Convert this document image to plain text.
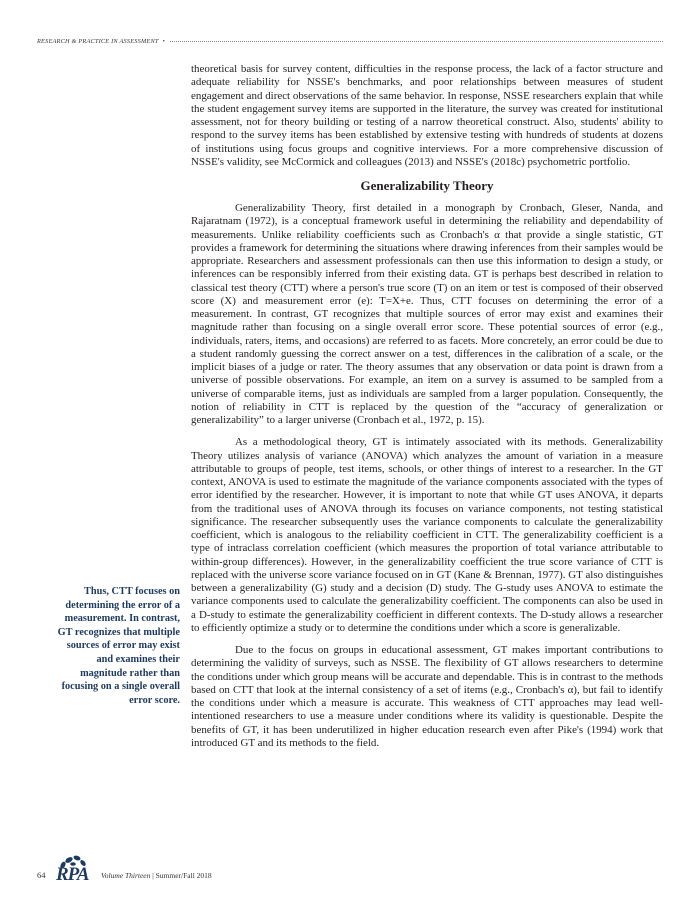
RESEARCH & PRACTICE IN ASSESSMENT •

theoretical basis for survey content, difficulties in the response process, the lack of a factor structure and adequate reliability for NSSE's benchmarks, and poor relationships between measures of student engagement and direct observations of the same behavior. In response, NSSE researchers explain that while the student engagement survey items are supported in the literature, the survey was created for institutional assessment, not for theory building or testing of a narrow theoretical construct. Also, students' ability to respond to the survey items has been established by extensive testing with hundreds of students at dozens of institutions using focus groups and cognitive interviews. For a more comprehensive discussion of NSSE's validity, see McCormick and colleagues (2013) and NSSE's (2018c) psychometric portfolio.

Generalizability Theory

Generalizability Theory, first detailed in a monograph by Cronbach, Gleser, Nanda, and Rajaratnam (1972), is a conceptual framework useful in determining the reliability and dependability of measurements. Unlike reliability coefficients such as Cronbach's α that provide a single statistic, GT provides a framework for determining the situations where drawing inferences from their samples would be appropriate. Researchers and assessment professionals can then use this information to design a study, or inferences can be responsibly inferred from their existing data. GT is perhaps best described in relation to classical test theory (CTT) where a person's true score (T) on an item or test is composed of their observed score (X) and measurement error (e): T=X+e. Thus, CTT focuses on determining the error of a measurement. In contrast, GT recognizes that multiple sources of error may exist and examines their magnitude rather than focusing on a single overall error score. These potential sources of error (e.g., individuals, raters, items, and occasions) are referred to as facets. More concretely, an error could be due to a student randomly guessing the correct answer on a test, differences in the calibration of a scale, or the implicit biases of a judge or rater. The theory assumes that any observation or data point is drawn from a universe of possible observations. For example, an item on a survey is assumed to be sampled from a universe of comparable items, just as individuals are sampled from a larger population. Consequently, the notion of reliability in CTT is replaced by the question of the “accuracy of generalization or generalizability” to a larger universe (Cronbach et al., 1972, p. 15).

As a methodological theory, GT is intimately associated with its methods. Generalizability Theory utilizes analysis of variance (ANOVA) which analyzes the amount of variation in a measure attributable to groups of people, test items, schools, or other things of interest to a researcher. In the GT context, ANOVA is used to estimate the magnitude of the variance components associated with the types of error identified by the researcher. However, it is important to note that while GT uses ANOVA, it departs from the traditional uses of ANOVA through its focuses on variance components, not testing statistical significance. The researcher subsequently uses the variance components to calculate the generalizability coefficient, which is analogous to the reliability coefficient in CTT. The generalizability coefficient is a type of intraclass correlation coefficient (which measures the proportion of total variance attributable to within-group differences). However, in the generalizability coefficient the true score variance of CTT is replaced with the universe score variance focused on in GT (Kane & Brennan, 1977). GT also distinguishes between a generalizability (G) study and a decision (D) study. The G-study uses ANOVA to estimate the variance components used to calculate the generalizability coefficient. The components can also be used in a D-study to estimate the generalizability coefficient in different contexts. The D-study allows a researcher to efficiently optimize a study or to determine the conditions under which a score is generalizable.

Due to the focus on groups in educational assessment, GT makes important contributions to determining the validity of surveys, such as NSSE. The flexibility of GT allows researchers to determine the conditions under which group means will be accurate and dependable. This is in contrast to the methods based on CTT that look at the internal consistency of a set of items (e.g., Cronbach's α), but fail to identify the conditions under which a measure is accurate. This weakness of CTT approaches may lead well-intentioned researchers to use a measure under conditions where its validity is questionable. Despite the benefits of GT, it has been underutilized in higher education research even after Pike's (1994) work that introduced GT and its methods to the field.

Thus, CTT focuses on determining the error of a measurement. In contrast, GT recognizes that multiple sources of error may exist and examines their magnitude rather than focusing on a single overall error score.
64 RPA Volume Thirteen | Summer/Fall 2018
